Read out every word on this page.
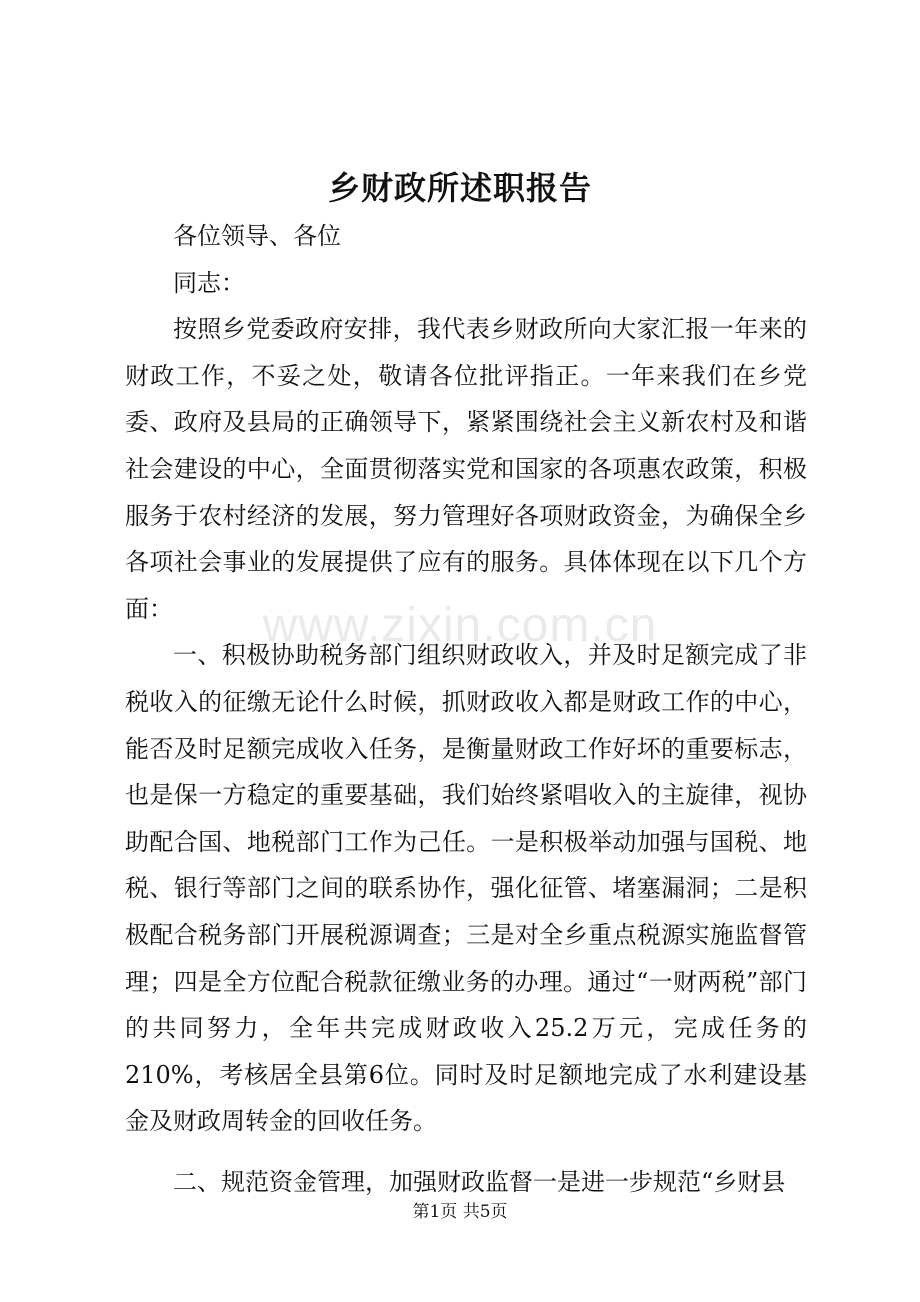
www.zixin.com.cn
乡财政所述职报告

各位领导、各位

同志：

按照乡党委政府安排，我代表乡财政所向大家汇报一年来的财政工作，不妥之处，敬请各位批评指正。一年来我们在乡党委、政府及县局的正确领导下，紧紧围绕社会主义新农村及和谐社会建设的中心，全面贯彻落实党和国家的各项惠农政策，积极服务于农村经济的发展，努力管理好各项财政资金，为确保全乡各项社会事业的发展提供了应有的服务。具体体现在以下几个方面：

一、积极协助税务部门组织财政收入，并及时足额完成了非税收入的征缴无论什么时候，抓财政收入都是财政工作的中心，能否及时足额完成收入任务，是衡量财政工作好坏的重要标志，也是保一方稳定的重要基础，我们始终紧唱收入的主旋律，视协助配合国、地税部门工作为己任。一是积极举动加强与国税、地税、银行等部门之间的联系协作，强化征管、堵塞漏洞；二是积极配合税务部门开展税源调查；三是对全乡重点税源实施监督管理；四是全方位配合税款征缴业务的办理。通过“一财两税”部门的共同努力，全年共完成财政收入25.2万元，完成任务的210%，考核居全县第6位。同时及时足额地完成了水利建设基金及财政周转金的回收任务。

二、规范资金管理，加强财政监督一是进一步规范“乡财县

第1页 共5页
